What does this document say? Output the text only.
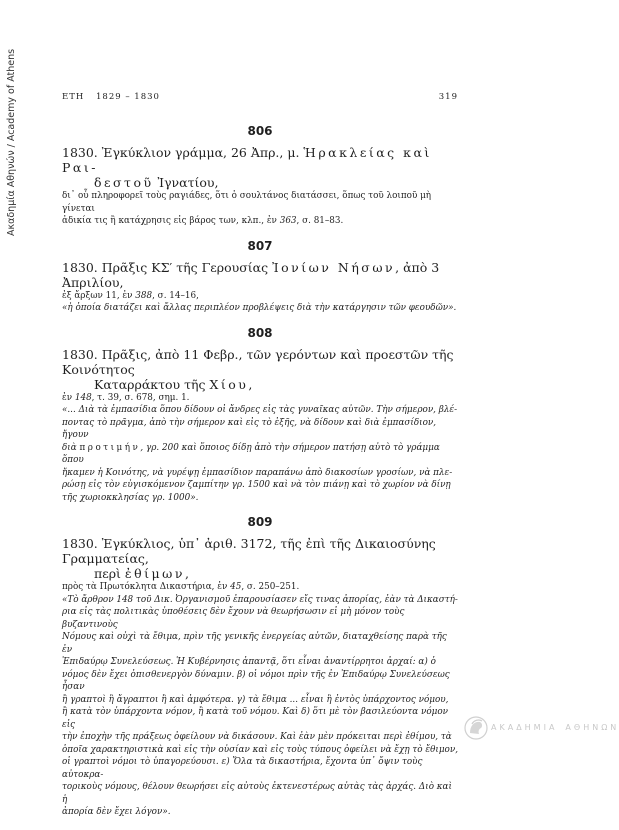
Ακαδημία Αθηνών / Academy of Athens	ΕΤΗ 1829 – 1830	319
806
1830. Ἐγκύκλιον γράμμα, 26 Ἀπρ., μ. Ἡρακλείας καὶ Ραι-
δεστοῦ Ἰγνατίου,
δι᾽ οὗ πληροφορεῖ τοὺς ραγιάδες, ὅτι ὁ σουλτάνος διατάσσει, ὅπως τοῦ λοιποῦ μὴ γίνεται
ἀδικία τις ἢ κατάχρησις εἰς βάρος των, κλπ., ἐν 363, σ. 81–83.
807
1830. Πρᾶξις ΚΣ′ τῆς Γερουσίας Ἰονίων Νήσων, ἀπὸ 3 Ἀπριλίου,
ἐξ ἄρξων 11, ἐν 388, σ. 14–16,
«ἡ ὁποία διατάζει καὶ ἄλλας περιπλέον προβλέψεις διὰ τὴν κατάργησιν τῶν φεουδῶν».
808
1830. Πρᾶξις, ἀπὸ 11 Φεβρ., τῶν γερόντων καὶ προεστῶν τῆς Κοινότητος
Καταρράκτου τῆς Χίου,
ἐν 148, τ. 39, σ. 678, σημ. 1.
«... Διὰ τὰ ἐμπασίδια ὅπου δίδουν οἱ ἄνδρες εἰς τὰς γυναῖκας αὐτῶν. Τὴν σήμερον, βλέ-
ποντας τὸ πρᾶγμα, ἀπὸ τὴν σήμερον καὶ εἰς τὸ ἑξῆς, νὰ δίδουν καὶ διὰ ἐμπασίδιον, ἤγουν
διὰ προτιμήν, γρ. 200 καὶ ὅποιος δίδῃ ἀπὸ τὴν σήμερον πατήσῃ αὐτὸ τὸ γράμμα ὅπου
ἤκαμεν ἡ Κοινότης, νὰ γυρέψῃ ἐμπασίδιον παραπάνω ἀπὸ διακοσίων γροσίων, νὰ πλε-
ρώσῃ εἰς τὸν εὐγισκόμενον ζαμπίτην γρ. 1500 καὶ νὰ τὸν πιάνῃ καὶ τὸ χωρίον νὰ δίνῃ
τῆς χωριοκκλησίας γρ. 1000».
809
1830. Ἐγκύκλιος, ὑπ᾽ ἀριθ. 3172, τῆς ἐπὶ τῆς Δικαιοσύνης Γραμματείας,
περὶ ἐθίμων,
πρὸς τὰ Πρωτόκλητα Δικαστήρια, ἐν 45, σ. 250–251.
«Τὸ ἄρθρον 148 τοῦ Δικ. Ὀργανισμοῦ ἐπαρουσίασεν εἴς τινας ἀπορίας, ἐὰν τὰ Δικαστή-
ρια εἰς τὰς πολιτικὰς ὑποθέσεις δὲν ἔχουν νὰ θεωρήσωσιν εἰ μὴ μόνον τοὺς βυζαντινοὺς
Νόμους καὶ οὐχὶ τὰ ἔθιμα, πρὶν τῆς γενικῆς ἐνεργείας αὐτῶν, διαταχθείσης παρὰ τῆς ἐν
Ἐπιδαύρῳ Συνελεύσεως. Ἡ Κυβέρνησις ἀπαντᾷ, ὅτι εἶναι ἀναντίρρητοι ἀρχαί: α) ὁ
νόμος δὲν ἔχει ὀπισθενεργὸν δύναμιν. β) οἱ νόμοι πρὶν τῆς ἐν Ἐπιδαύρῳ Συνελεύσεως ἦσαν
ἢ γραπτοὶ ἢ ἄγραπτοι ἢ καὶ ἀμφότερα. γ) τὰ ἔθιμα ... εἶναι ἢ ἐντὸς ὑπάρχοντος νόμου,
ἢ κατὰ τὸν ὑπάρχοντα νόμον, ἢ κατὰ τοῦ νόμου. Καὶ δ) ὅτι μὲ τὸν βασιλεύοντα νόμον εἰς
τὴν ἐποχὴν τῆς πράξεως ὀφείλουν νὰ δικάσουν. Καὶ ἐὰν μὲν πρόκειται περὶ ἐθίμου, τὰ
ὁποῖα χαρακτηριστικὰ καὶ εἰς τὴν οὐσίαν καὶ εἰς τοὺς τύπους ὀφείλει νὰ ἔχῃ τὸ ἔθιμον,
οἱ γραπτοὶ νόμοι τὸ ὑπαγορεύουσι. ε) Ὅλα τὰ δικαστήρια, ἔχοντα ὑπ᾽ ὄψιν τοὺς αὐτοκρα-
τορικοὺς νόμους, θέλουν θεωρήσει εἰς αὐτοὺς ἐκτενεστέρως αὐτὰς τὰς ἀρχάς. Διὸ καὶ ἡ
ἀπορία δὲν ἔχει λόγον».
ΑΚΑΔΗΜΙΑ ΑΘΗΝΩΝ
